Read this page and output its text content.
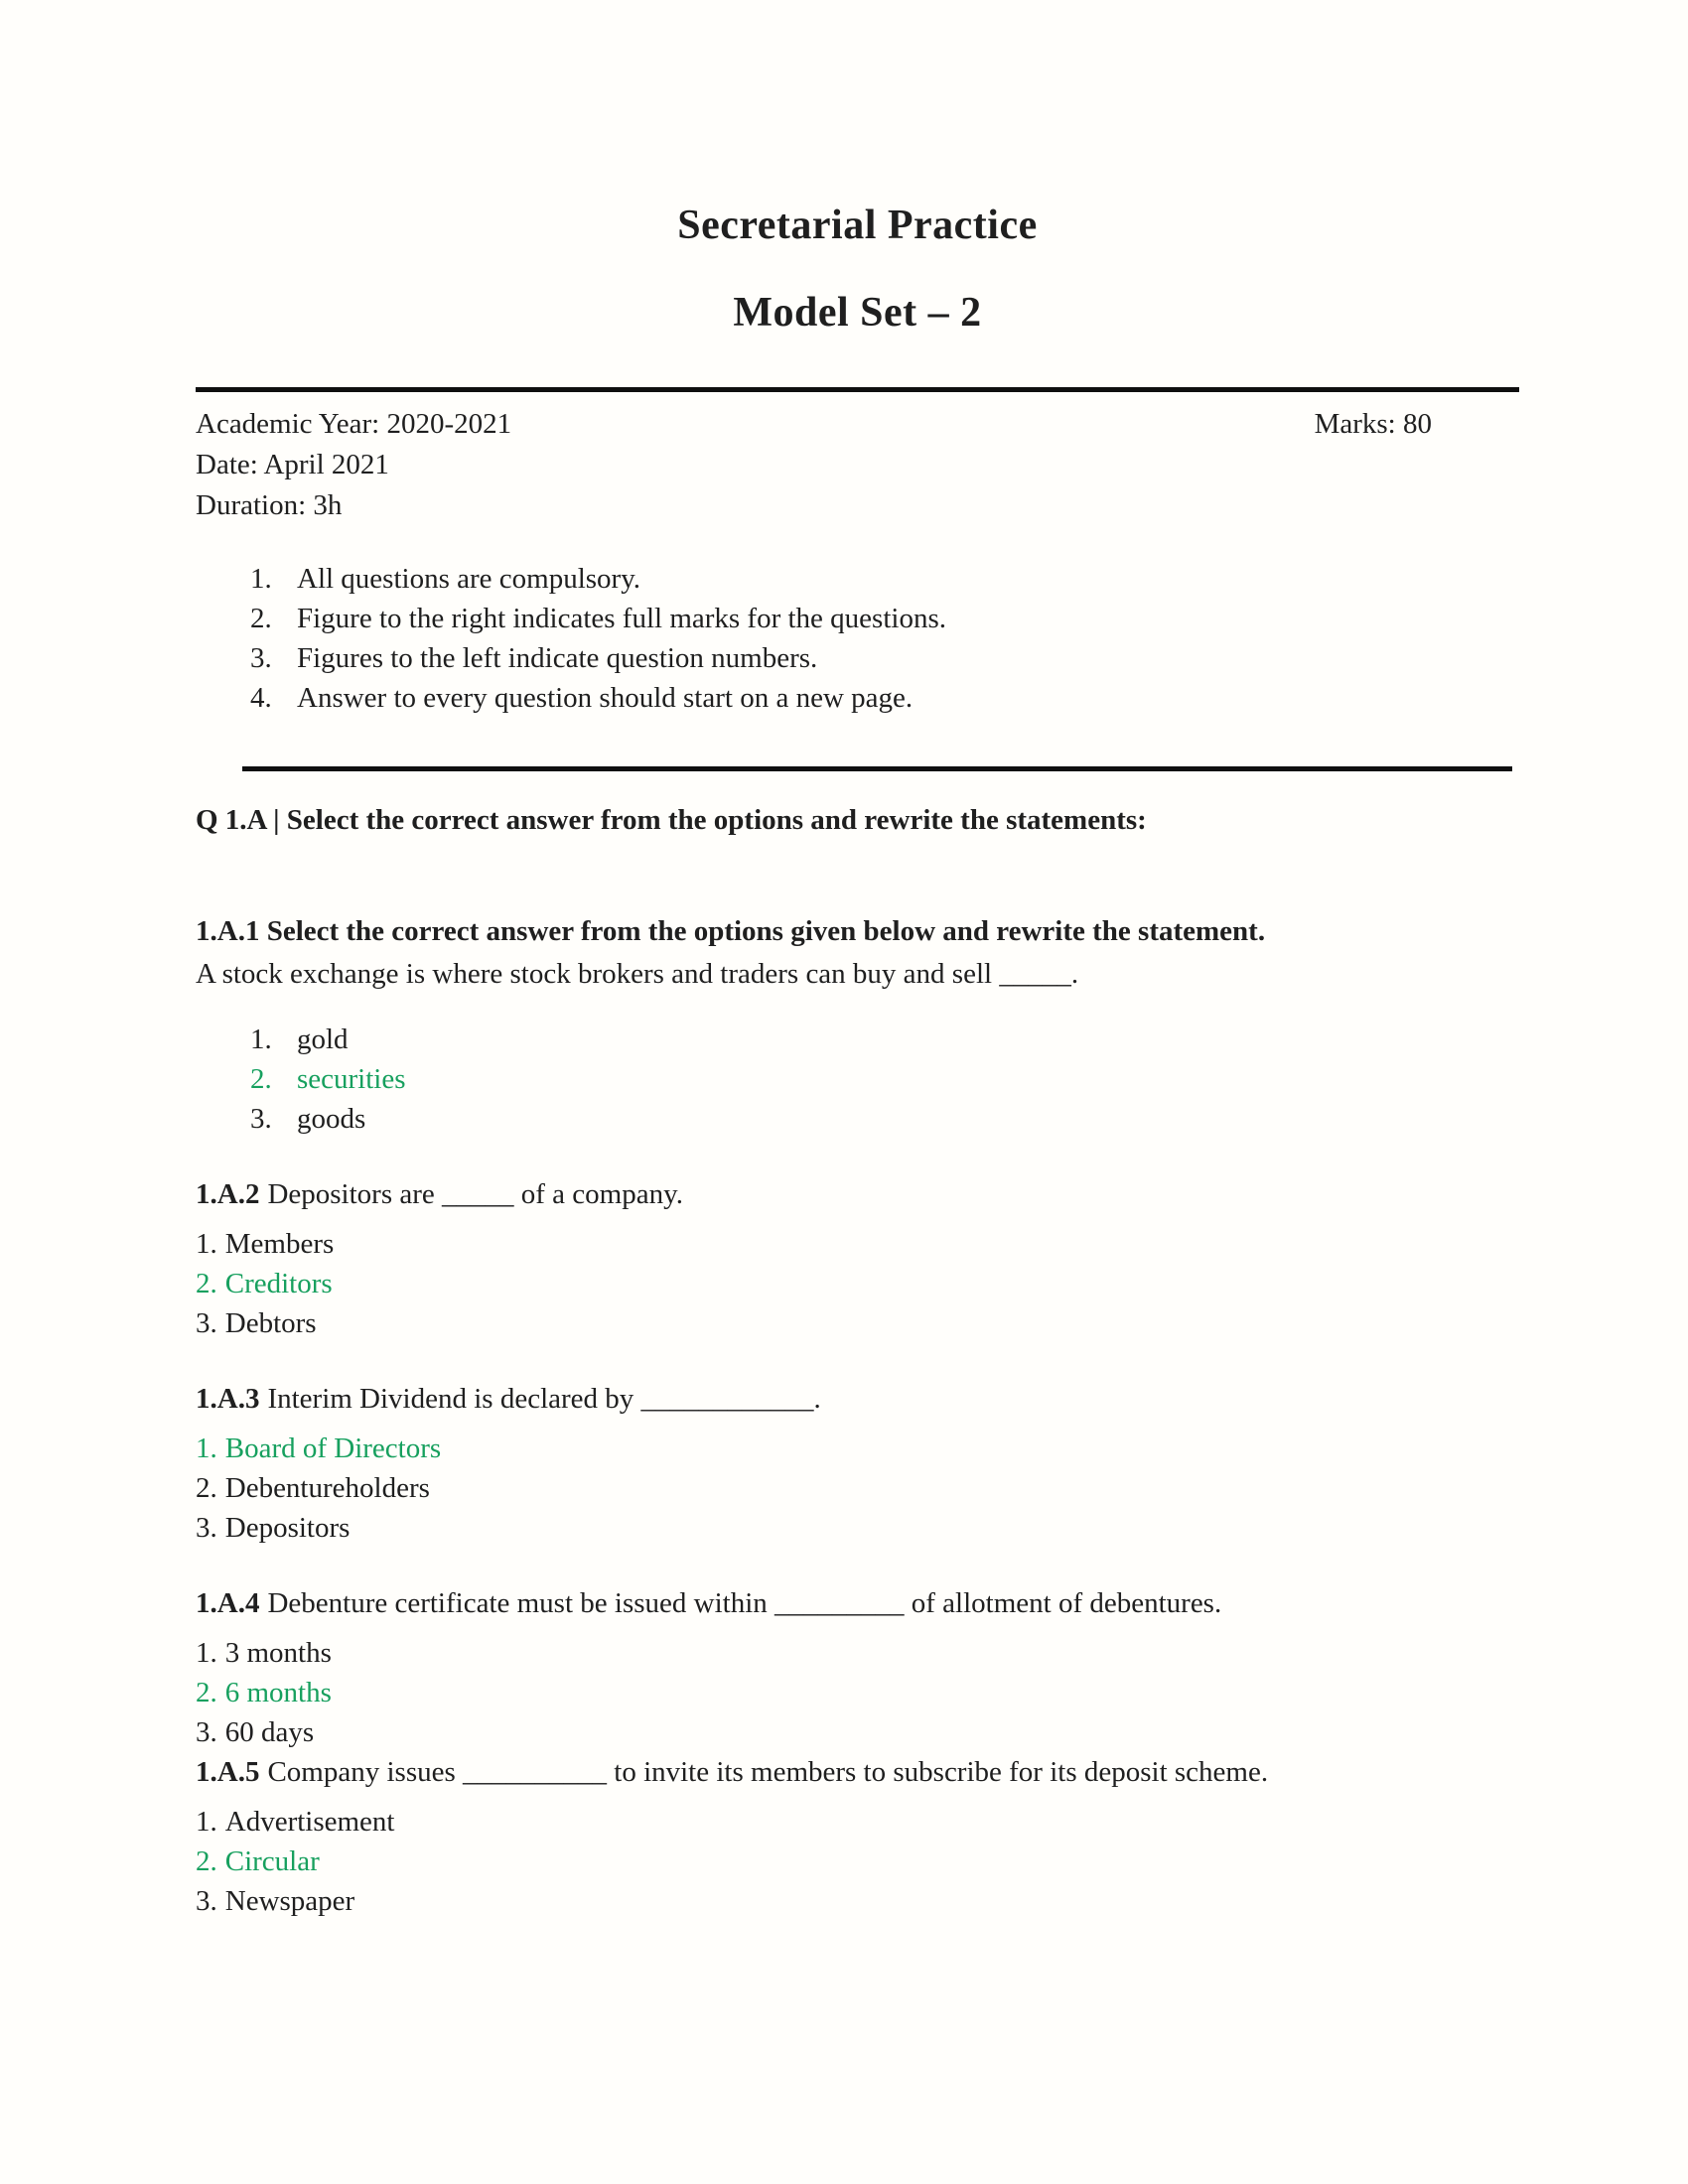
Secretarial Practice
Model Set – 2
Academic Year: 2020-2021	Marks: 80
Date: April 2021
Duration: 3h
1. All questions are compulsory.
2. Figure to the right indicates full marks for the questions.
3. Figures to the left indicate question numbers.
4. Answer to every question should start on a new page.

Q 1.A | Select the correct answer from the options and rewrite the statements:

1.A.1 Select the correct answer from the options given below and rewrite the statement.

A stock exchange is where stock brokers and traders can buy and sell _____.

1. gold
2. securities
3. goods

1.A.2 Depositors are _____ of a company.

1. Members

2. Creditors

3. Debtors

1.A.3 Interim Dividend is declared by ____________.

1. Board of Directors

2. Debentureholders

3. Depositors

1.A.4 Debenture certificate must be issued within _________ of allotment of debentures.

1. 3 months

2. 6 months

3. 60 days

1.A.5 Company issues __________ to invite its members to subscribe for its deposit scheme.

1. Advertisement

2. Circular

3. Newspaper
